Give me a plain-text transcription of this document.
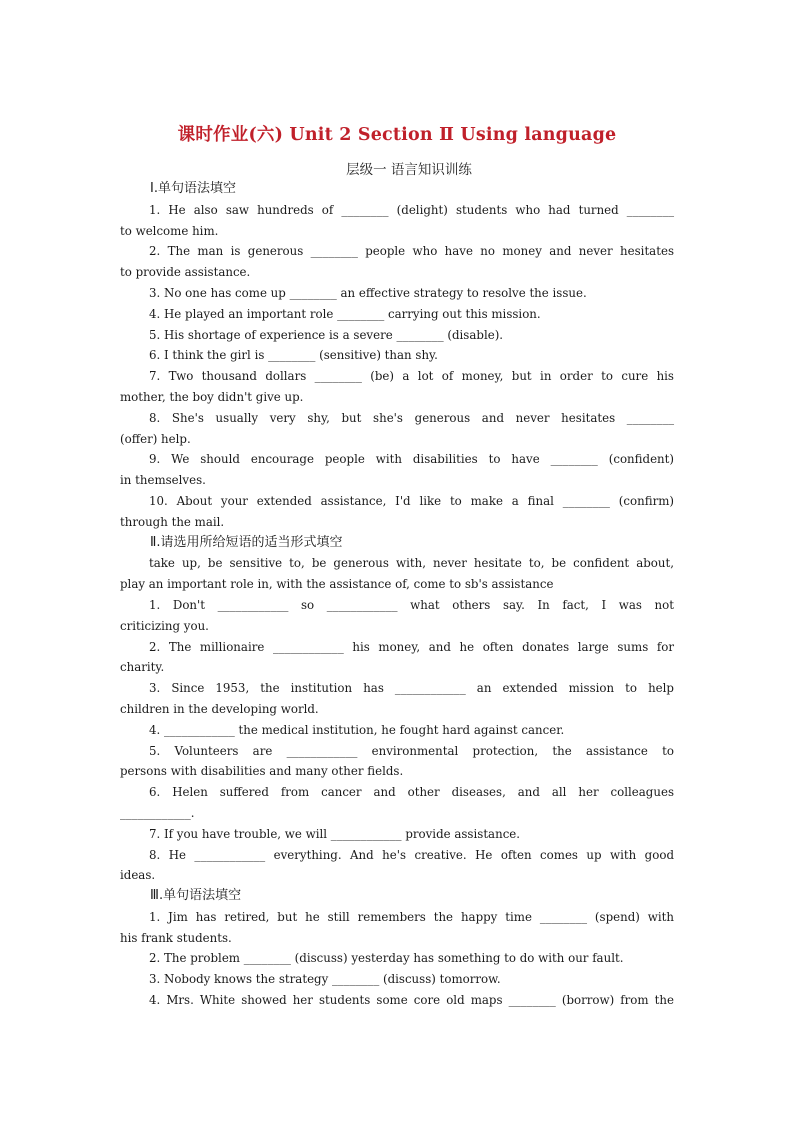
课时作业(六) Unit 2 Section Ⅱ Using language
层级一 语言知识训练
Ⅰ.单句语法填空
1. He also saw hundreds of ________ (delight) students who had turned ________
to welcome him.
2. The man is generous ________ people who have no money and never hesitates
to provide assistance.
3. No one has come up ________ an effective strategy to resolve the issue.
4. He played an important role ________ carrying out this mission.
5. His shortage of experience is a severe ________ (disable).
6. I think the girl is ________ (sensitive) than shy.
7. Two thousand dollars ________ (be) a lot of money, but in order to cure his
mother, the boy didn't give up.
8. She's usually very shy, but she's generous and never hesitates ________
(offer) help.
9. We should encourage people with disabilities to have ________ (confident)
in themselves.
10. About your extended assistance, I'd like to make a final ________ (confirm)
through the mail.
Ⅱ.请选用所给短语的适当形式填空
take up, be sensitive to, be generous with, never hesitate to, be confident about,
play an important role in, with the assistance of, come to sb's assistance
1. Don't ____________ so ____________ what others say. In fact, I was not
criticizing you.
2. The millionaire ____________ his money, and he often donates large sums for
charity.
3. Since 1953, the institution has ____________ an extended mission to help
children in the developing world.
4. ____________ the medical institution, he fought hard against cancer.
5. Volunteers are ____________ environmental protection, the assistance to
persons with disabilities and many other fields.
6. Helen suffered from cancer and other diseases, and all her colleagues
____________.
7. If you have trouble, we will ____________ provide assistance.
8. He ____________ everything. And he's creative. He often comes up with good
ideas.
Ⅲ.单句语法填空
1. Jim has retired, but he still remembers the happy time ________ (spend) with
his frank students.
2. The problem ________ (discuss) yesterday has something to do with our fault.
3. Nobody knows the strategy ________ (discuss) tomorrow.
4. Mrs. White showed her students some core old maps ________ (borrow) from the
